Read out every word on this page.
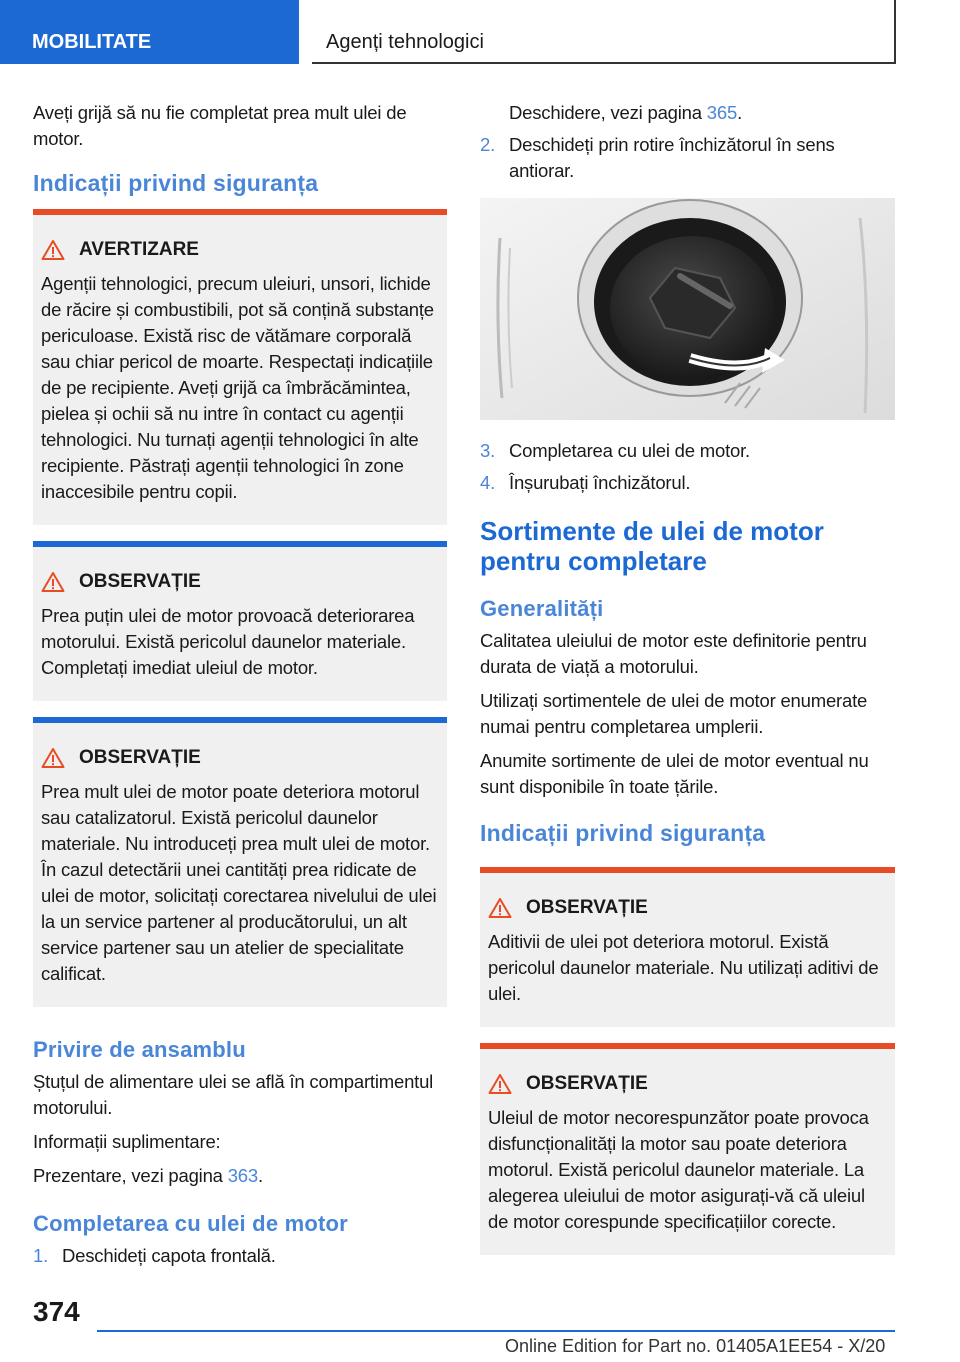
MOBILITATE	Agenți tehnologici

Aveți grijă să nu fie completat prea mult ulei de motor.

Indicații privind siguranța
AVERTIZARE

Agenții tehnologici, precum uleiuri, unsori, lichide de răcire și combustibili, pot să conțină substanțe periculoase. Există risc de vătămare corporală sau chiar pericol de moarte. Respectați indicațiile de pe recipiente. Aveți grijă ca îmbrăcămintea, pielea și ochii să nu intre în contact cu agenții tehnologici. Nu turnați agenții tehnologici în alte recipiente. Păstrați agenții tehnologici în zone inaccesibile pentru copii.

OBSERVAȚIE

Prea puțin ulei de motor provoacă deteriorarea motorului. Există pericolul daunelor materiale. Completați imediat uleiul de motor.

OBSERVAȚIE

Prea mult ulei de motor poate deteriora motorul sau catalizatorul. Există pericolul daunelor materiale. Nu introduceți prea mult ulei de motor. În cazul detectării unei cantități prea ridicate de ulei de motor, solicitați corectarea nivelului de ulei la un service partener al producătorului, un alt service partener sau un atelier de specialitate calificat.

Privire de ansamblu

Ștuțul de alimentare ulei se află în compartimentul motorului.

Informații suplimentare:

Prezentare, vezi pagina 363.

Completarea cu ulei de motor
1. Deschideți capota frontală.
Deschidere, vezi pagina 365.
2. Deschideți prin rotire închizătorul în sens antiorar.
3. Completarea cu ulei de motor.
4. Înșurubați închizătorul.
Sortimente de ulei de motor pentru completare
Generalități

Calitatea uleiului de motor este definitorie pentru durata de viață a motorului.

Utilizați sortimentele de ulei de motor enumerate numai pentru completarea umplerii.

Anumite sortimente de ulei de motor eventual nu sunt disponibile în toate țările.

Indicații privind siguranța
OBSERVAȚIE

Aditivii de ulei pot deteriora motorul. Există pericolul daunelor materiale. Nu utilizați aditivi de ulei.

OBSERVAȚIE

Uleiul de motor necorespunzător poate provoca disfuncționalități la motor sau poate deteriora motorul. Există pericolul daunelor materiale. La alegerea uleiului de motor asigurați-vă că uleiul de motor corespunde specificațiilor corecte.

374
Online Edition for Part no. 01405A1EE54 - X/20
